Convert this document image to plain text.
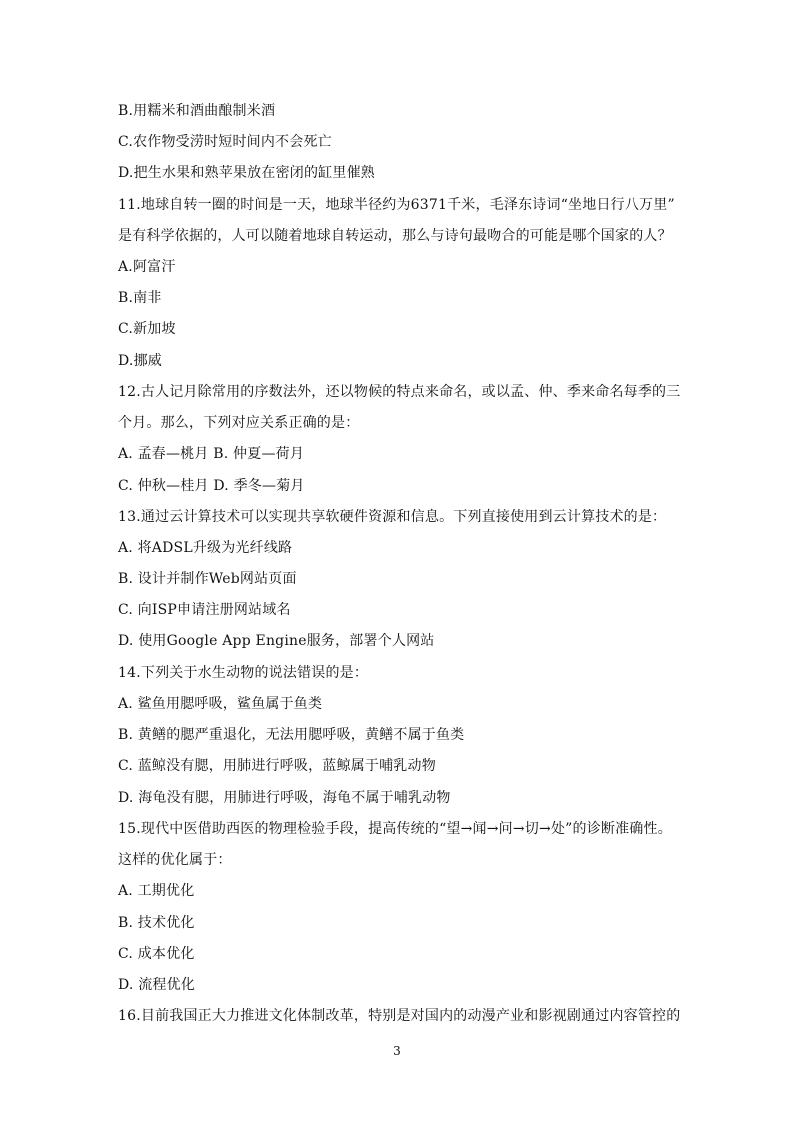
B.用糯米和酒曲酿制米酒
C.农作物受涝时短时间内不会死亡
D.把生水果和熟苹果放在密闭的缸里催熟
11.地球自转一圈的时间是一天，地球半径约为6371千米，毛泽东诗词“坐地日行八万里”
是有科学依据的，人可以随着地球自转运动，那么与诗句最吻合的可能是哪个国家的人？
A.阿富汗
B.南非
C.新加坡
D.挪威
12.古人记月除常用的序数法外，还以物候的特点来命名，或以孟、仲、季来命名每季的三
个月。那么，下列对应关系正确的是：
A. 孟春—桃月 B. 仲夏—荷月
C. 仲秋—桂月 D. 季冬—菊月
13.通过云计算技术可以实现共享软硬件资源和信息。下列直接使用到云计算技术的是：
A. 将ADSL升级为光纤线路
B. 设计并制作Web网站页面
C. 向ISP申请注册网站域名
D. 使用Google App Engine服务，部署个人网站
14.下列关于水生动物的说法错误的是：
A. 鲨鱼用腮呼吸，鲨鱼属于鱼类
B. 黄鳝的腮严重退化，无法用腮呼吸，黄鳝不属于鱼类
C. 蓝鲸没有腮，用肺进行呼吸，蓝鲸属于哺乳动物
D. 海龟没有腮，用肺进行呼吸，海龟不属于哺乳动物
15.现代中医借助西医的物理检验手段，提高传统的“望→闻→问→切→处”的诊断准确性。
这样的优化属于：
A. 工期优化
B. 技术优化
C. 成本优化
D. 流程优化
16.目前我国正大力推进文化体制改革，特别是对国内的动漫产业和影视剧通过内容管控的
3
